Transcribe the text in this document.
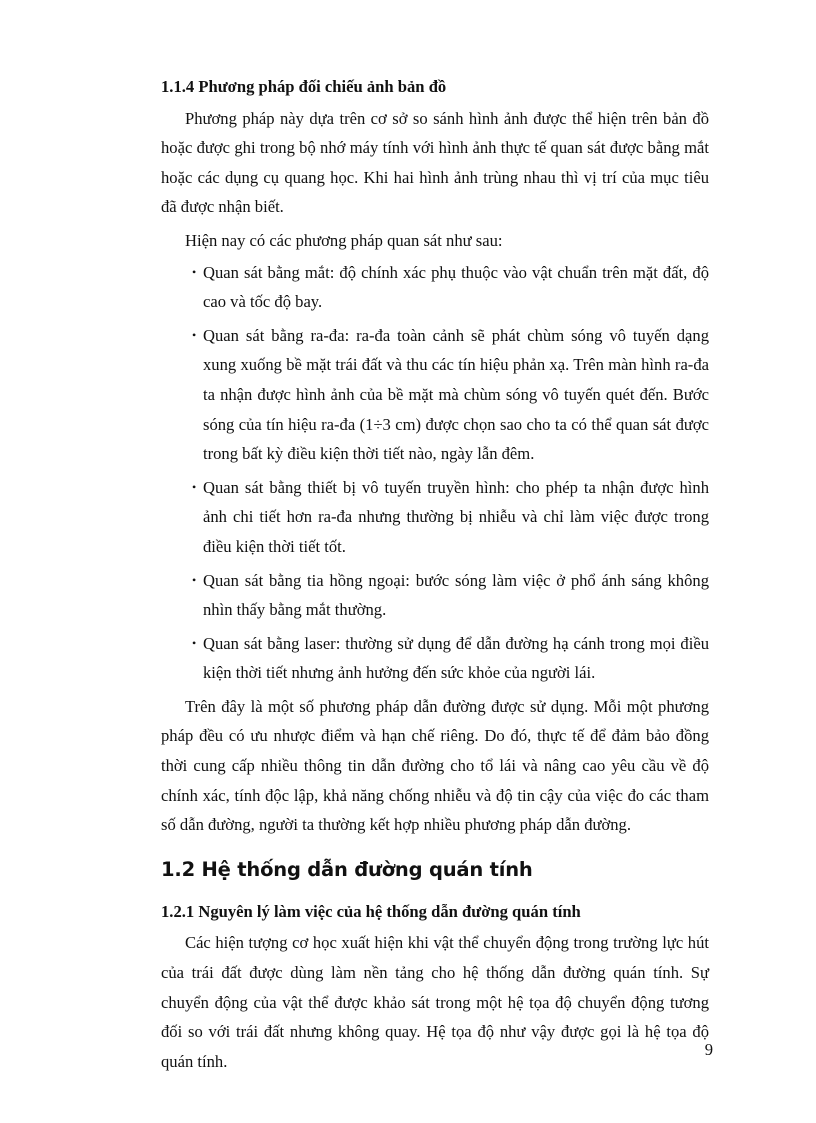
1.1.4 Phương pháp đối chiếu ảnh bản đồ

Phương pháp này dựa trên cơ sở so sánh hình ảnh được thể hiện trên bản đồ hoặc được ghi trong bộ nhớ máy tính với hình ảnh thực tế quan sát được bằng mắt hoặc các dụng cụ quang học. Khi hai hình ảnh trùng nhau thì vị trí của mục tiêu đã được nhận biết.

Hiện nay có các phương pháp quan sát như sau:

• Quan sát bằng mắt: độ chính xác phụ thuộc vào vật chuẩn trên mặt đất, độ cao và tốc độ bay.
• Quan sát bằng ra-đa: ra-đa toàn cảnh sẽ phát chùm sóng vô tuyến dạng xung xuống bề mặt trái đất và thu các tín hiệu phản xạ. Trên màn hình ra-đa ta nhận được hình ảnh của bề mặt mà chùm sóng vô tuyến quét đến. Bước sóng của tín hiệu ra-đa (1÷3 cm) được chọn sao cho ta có thể quan sát được trong bất kỳ điều kiện thời tiết nào, ngày lẫn đêm.
• Quan sát bằng thiết bị vô tuyến truyền hình: cho phép ta nhận được hình ảnh chi tiết hơn ra-đa nhưng thường bị nhiễu và chỉ làm việc được trong điều kiện thời tiết tốt.
• Quan sát bằng tia hồng ngoại: bước sóng làm việc ở phổ ánh sáng không nhìn thấy bằng mắt thường.
• Quan sát bằng laser: thường sử dụng để dẫn đường hạ cánh trong mọi điều kiện thời tiết nhưng ảnh hưởng đến sức khỏe của người lái.

Trên đây là một số phương pháp dẫn đường được sử dụng. Mỗi một phương pháp đều có ưu nhược điểm và hạn chế riêng. Do đó, thực tế để đảm bảo đồng thời cung cấp nhiều thông tin dẫn đường cho tổ lái và nâng cao yêu cầu về độ chính xác, tính độc lập, khả năng chống nhiễu và độ tin cậy của việc đo các tham số dẫn đường, người ta thường kết hợp nhiều phương pháp dẫn đường.

1.2 Hệ thống dẫn đường quán tính
1.2.1 Nguyên lý làm việc của hệ thống dẫn đường quán tính

Các hiện tượng cơ học xuất hiện khi vật thể chuyển động trong trường lực hút của trái đất được dùng làm nền tảng cho hệ thống dẫn đường quán tính. Sự chuyển động của vật thể được khảo sát trong một hệ tọa độ chuyển động tương đối so với trái đất nhưng không quay. Hệ tọa độ như vậy được gọi là hệ tọa độ quán tính.

9
